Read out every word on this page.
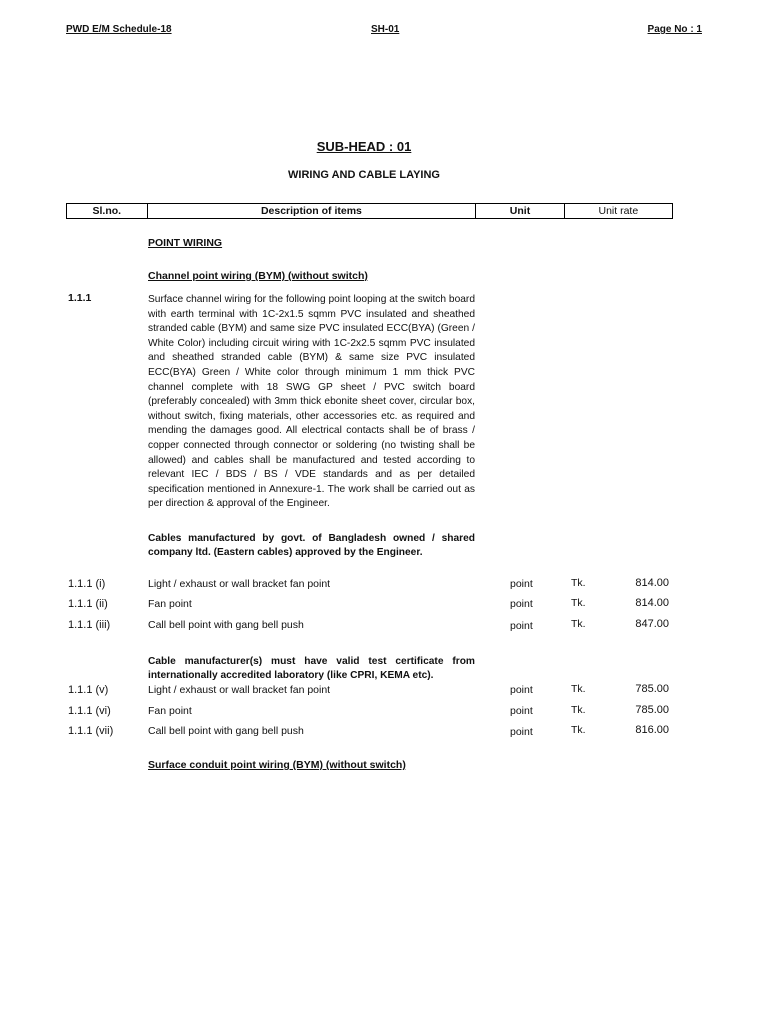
PWD E/M Schedule-18	SH-01	Page No : 1
SUB-HEAD : 01
WIRING AND CABLE LAYING
Sl.no.	Description of items	Unit	Unit rate
POINT WIRING
Channel point wiring (BYM) (without switch)
1.1.1	Surface channel wiring for the following point looping at the switch board with earth terminal with 1C-2x1.5 sqmm PVC insulated and sheathed stranded cable (BYM) and same size PVC insulated ECC(BYA) (Green / White Color) including circuit wiring with 1C-2x2.5 sqmm PVC insulated and sheathed stranded cable (BYM) & same size PVC insulated ECC(BYA) Green / White color through minimum 1 mm thick PVC channel complete with 18 SWG GP sheet / PVC switch board (preferably concealed) with 3mm thick ebonite sheet cover, circular box, without switch, fixing materials, other accessories etc. as required and mending the damages good. All electrical contacts shall be of brass / copper connected through connector or soldering (no twisting shall be allowed) and cables shall be manufactured and tested according to relevant IEC / BDS / BS / VDE standards and as per detailed specification mentioned in Annexure-1. The work shall be carried out as per direction & approval of the Engineer.
Cables manufactured by govt. of Bangladesh owned / shared company ltd. (Eastern cables) approved by the Engineer.
1.1.1 (i)	Light / exhaust or wall bracket fan point	point	Tk.	814.00
1.1.1 (ii)	Fan point	point	Tk.	814.00
1.1.1 (iii)	Call bell point with gang bell push	point	Tk.	847.00
Cable manufacturer(s) must have valid test certificate from internationally accredited laboratory (like CPRI, KEMA etc).
1.1.1 (v)	Light / exhaust or wall bracket fan point	point	Tk.	785.00
1.1.1 (vi)	Fan point	point	Tk.	785.00
1.1.1 (vii)	Call bell point with gang bell push	point	Tk.	816.00
Surface conduit point wiring (BYM) (without switch)
